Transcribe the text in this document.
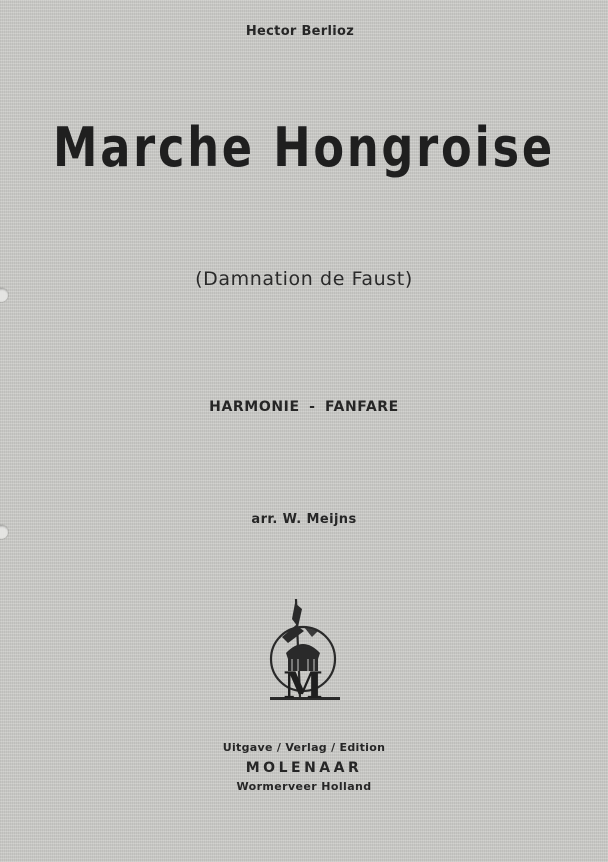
Hector Berlioz
Marche Hongroise
(Damnation de Faust)
HARMONIE - FANFARE
arr. W. Meijns
M
Uitgave / Verlag / Edition
MOLENAAR
Wormerveer Holland
